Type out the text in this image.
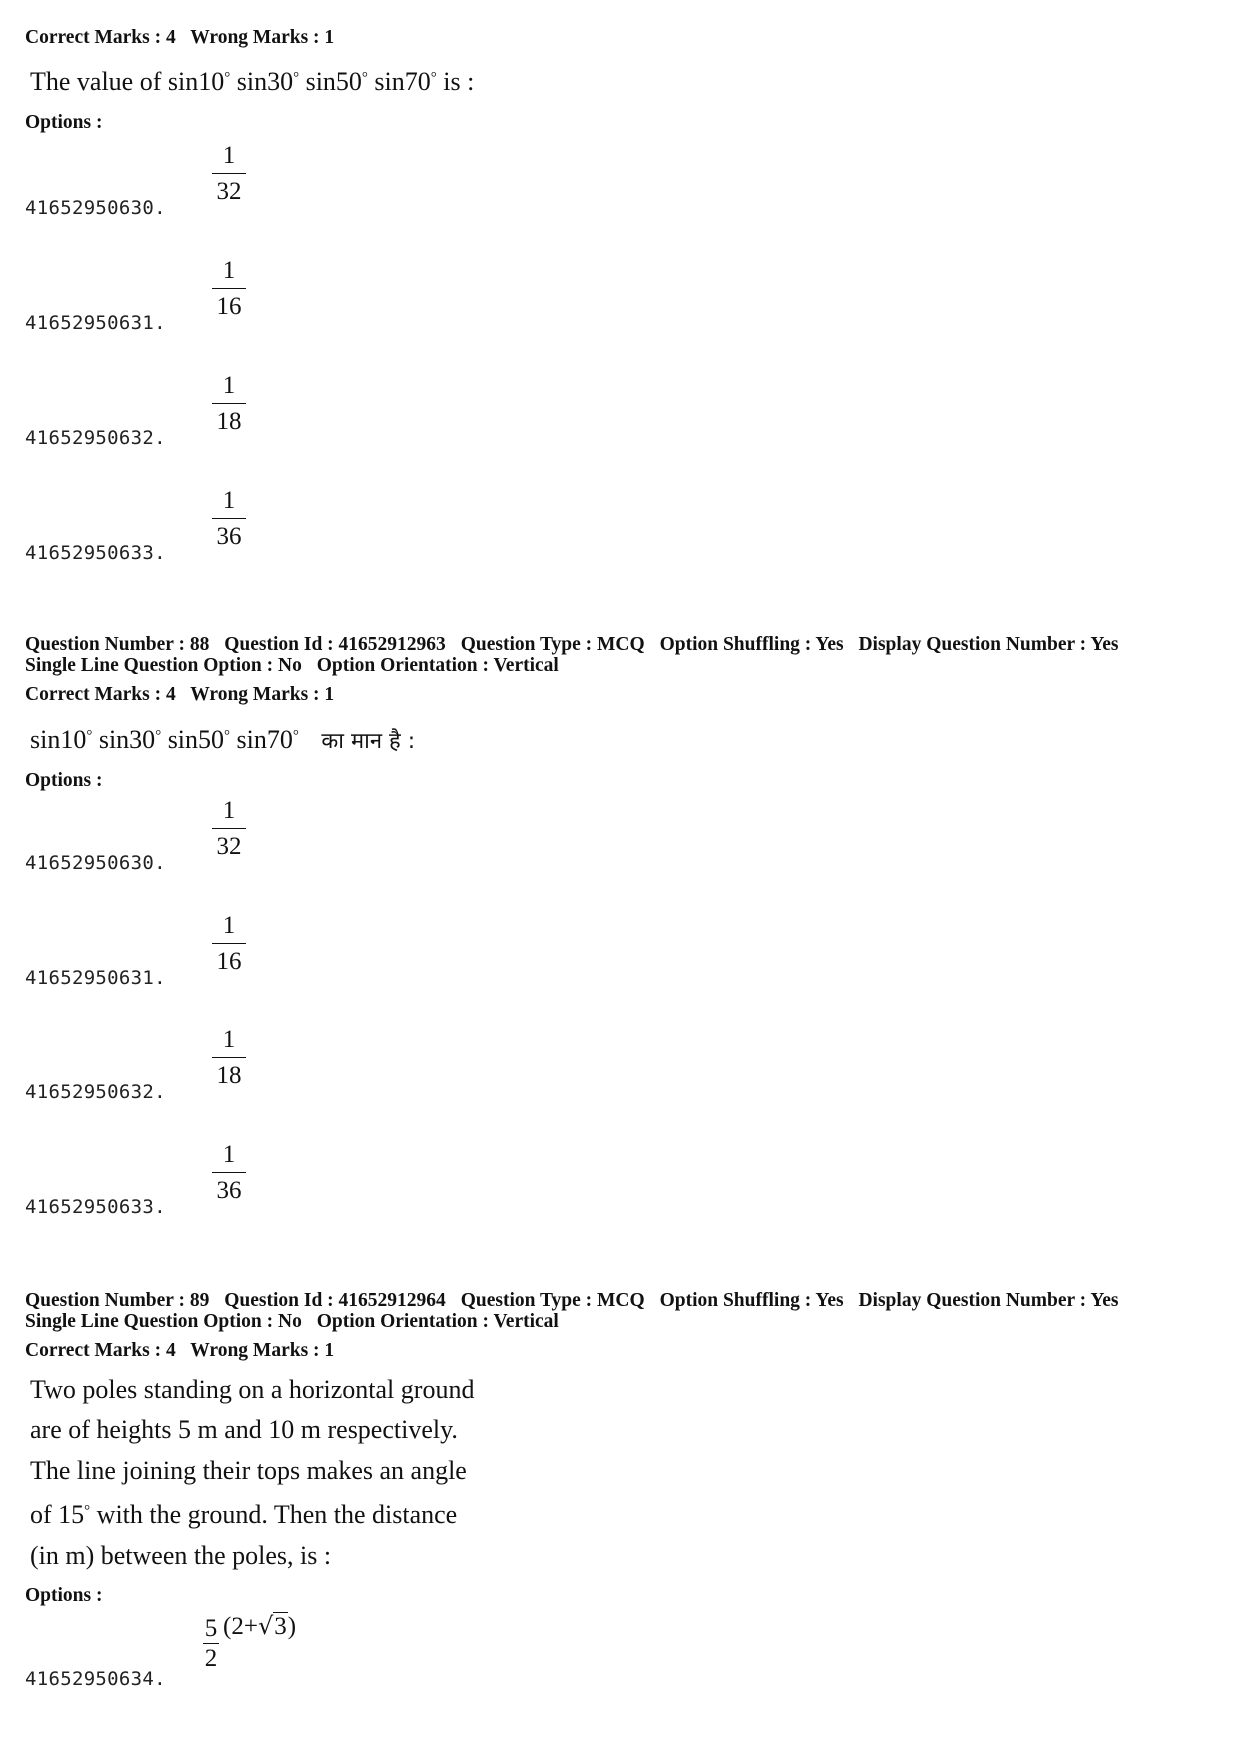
Correct Marks : 4 Wrong Marks : 1
The value of sin10° sin30° sin50° sin70° is :
Options :
41652950630.
1
32
41652950631.
1
16
41652950632.
1
18
41652950633.
1
36
Question Number : 88 Question Id : 41652912963 Question Type : MCQ Option Shuffling : Yes Display Question Number : Yes
Single Line Question Option : No Option Orientation : Vertical
Correct Marks : 4 Wrong Marks : 1
sin10° sin30° sin50° sin70° का मान है :
Options :
41652950630.
1
32
41652950631.
1
16
41652950632.
1
18
41652950633.
1
36
Question Number : 89 Question Id : 41652912964 Question Type : MCQ Option Shuffling : Yes Display Question Number : Yes
Single Line Question Option : No Option Orientation : Vertical
Correct Marks : 4 Wrong Marks : 1
Two poles standing on a horizontal ground
are of heights 5 m and 10 m respectively.
The line joining their tops makes an angle
of 15° with the ground. Then the distance
(in m) between the poles, is :
Options :
41652950634.
$\frac{5}{2} (2+√3)$
